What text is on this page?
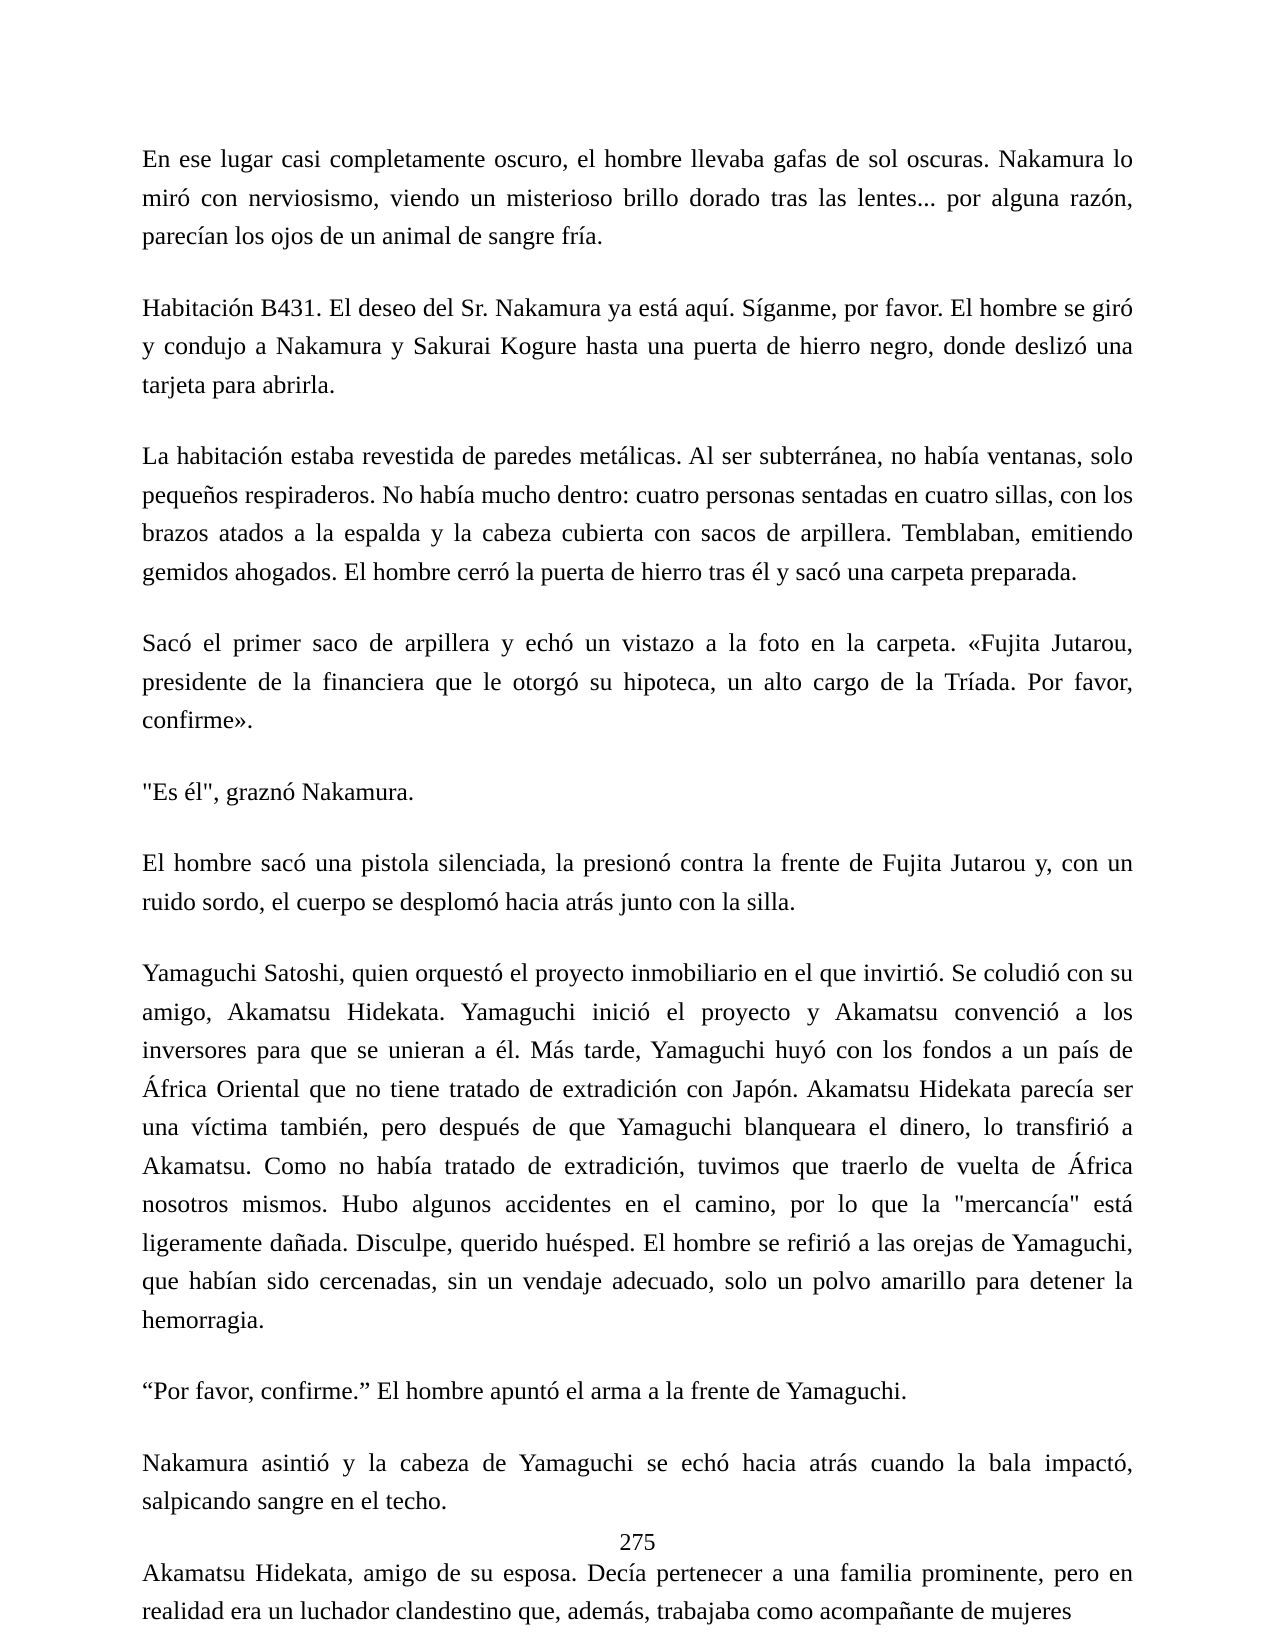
En ese lugar casi completamente oscuro, el hombre llevaba gafas de sol oscuras. Nakamura lo miró con nerviosismo, viendo un misterioso brillo dorado tras las lentes... por alguna razón, parecían los ojos de un animal de sangre fría.

Habitación B431. El deseo del Sr. Nakamura ya está aquí. Síganme, por favor. El hombre se giró y condujo a Nakamura y Sakurai Kogure hasta una puerta de hierro negro, donde deslizó una tarjeta para abrirla.

La habitación estaba revestida de paredes metálicas. Al ser subterránea, no había ventanas, solo pequeños respiraderos. No había mucho dentro: cuatro personas sentadas en cuatro sillas, con los brazos atados a la espalda y la cabeza cubierta con sacos de arpillera. Temblaban, emitiendo gemidos ahogados. El hombre cerró la puerta de hierro tras él y sacó una carpeta preparada.

Sacó el primer saco de arpillera y echó un vistazo a la foto en la carpeta. «Fujita Jutarou, presidente de la financiera que le otorgó su hipoteca, un alto cargo de la Tríada. Por favor, confirme».

"Es él", graznó Nakamura.

El hombre sacó una pistola silenciada, la presionó contra la frente de Fujita Jutarou y, con un ruido sordo, el cuerpo se desplomó hacia atrás junto con la silla.

Yamaguchi Satoshi, quien orquestó el proyecto inmobiliario en el que invirtió. Se coludió con su amigo, Akamatsu Hidekata. Yamaguchi inició el proyecto y Akamatsu convenció a los inversores para que se unieran a él. Más tarde, Yamaguchi huyó con los fondos a un país de África Oriental que no tiene tratado de extradición con Japón. Akamatsu Hidekata parecía ser una víctima también, pero después de que Yamaguchi blanqueara el dinero, lo transfirió a Akamatsu. Como no había tratado de extradición, tuvimos que traerlo de vuelta de África nosotros mismos. Hubo algunos accidentes en el camino, por lo que la "mercancía" está ligeramente dañada. Disculpe, querido huésped. El hombre se refirió a las orejas de Yamaguchi, que habían sido cercenadas, sin un vendaje adecuado, solo un polvo amarillo para detener la hemorragia.

“Por favor, confirme.” El hombre apuntó el arma a la frente de Yamaguchi.

Nakamura asintió y la cabeza de Yamaguchi se echó hacia atrás cuando la bala impactó, salpicando sangre en el techo.

Akamatsu Hidekata, amigo de su esposa. Decía pertenecer a una familia prominente, pero en realidad era un luchador clandestino que, además, trabajaba como acompañante de mujeres

275
